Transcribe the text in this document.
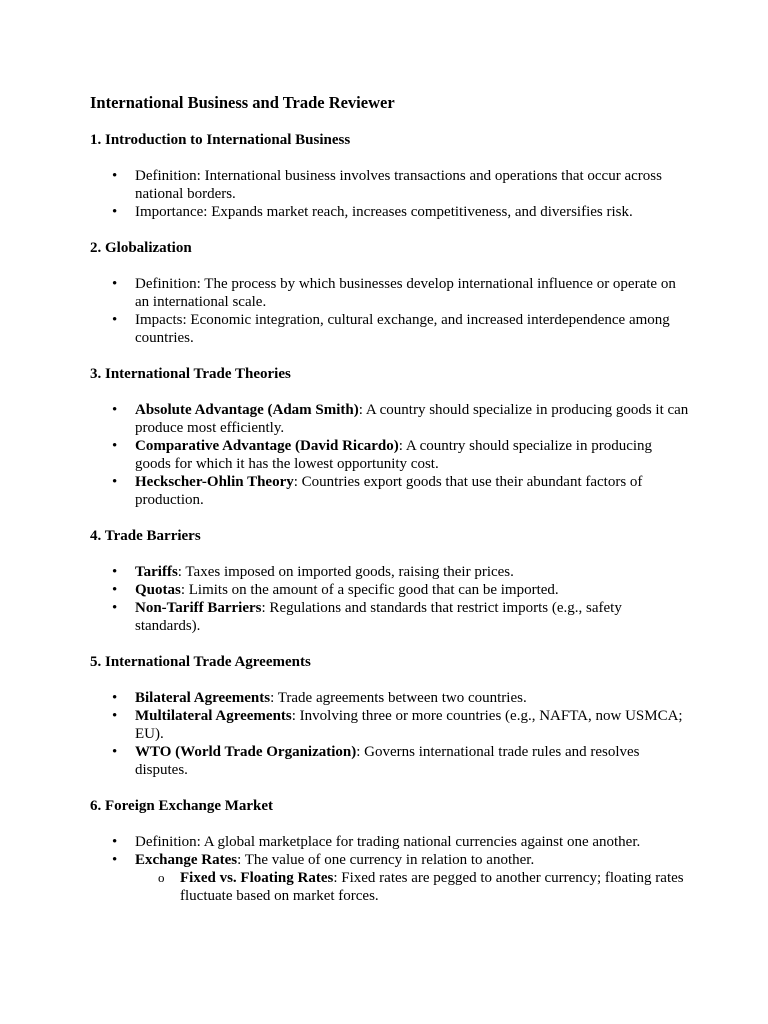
International Business and Trade Reviewer
1. Introduction to International Business
• Definition: International business involves transactions and operations that occur across national borders.
• Importance: Expands market reach, increases competitiveness, and diversifies risk.
2. Globalization
• Definition: The process by which businesses develop international influence or operate on an international scale.
• Impacts: Economic integration, cultural exchange, and increased interdependence among countries.
3. International Trade Theories
• Absolute Advantage (Adam Smith): A country should specialize in producing goods it can produce most efficiently.
• Comparative Advantage (David Ricardo): A country should specialize in producing goods for which it has the lowest opportunity cost.
• Heckscher-Ohlin Theory: Countries export goods that use their abundant factors of production.
4. Trade Barriers
• Tariffs: Taxes imposed on imported goods, raising their prices.
• Quotas: Limits on the amount of a specific good that can be imported.
• Non-Tariff Barriers: Regulations and standards that restrict imports (e.g., safety standards).
5. International Trade Agreements
• Bilateral Agreements: Trade agreements between two countries.
• Multilateral Agreements: Involving three or more countries (e.g., NAFTA, now USMCA; EU).
• WTO (World Trade Organization): Governs international trade rules and resolves disputes.
6. Foreign Exchange Market
• Definition: A global marketplace for trading national currencies against one another.
• Exchange Rates: The value of one currency in relation to another.
o Fixed vs. Floating Rates: Fixed rates are pegged to another currency; floating rates fluctuate based on market forces.
